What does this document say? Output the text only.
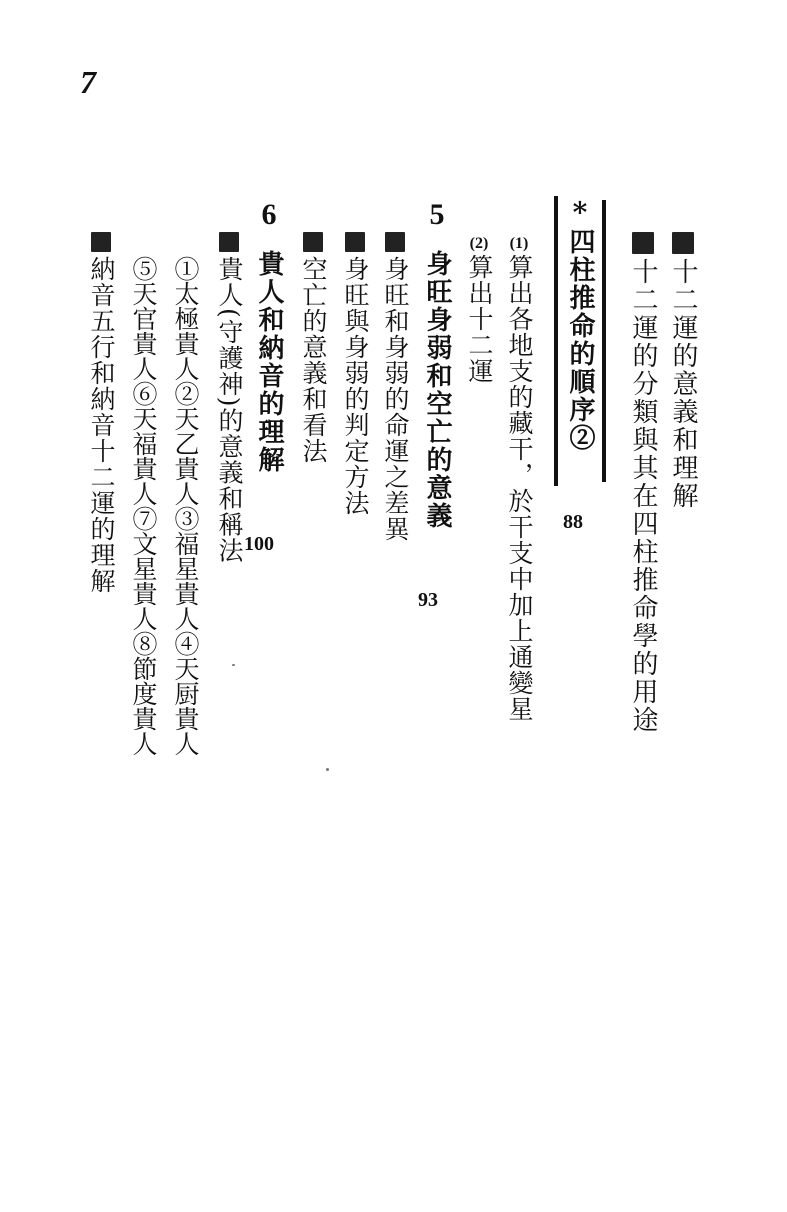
7
十二運的意義和理解
十二運的分類與其在四柱推命學的用途
*
四柱推命的順序②
88
(1)
算出各地支的藏干，於干支中加上通變星
(2)
算出十二運
5
身旺身弱和空亡的意義
93
身旺和身弱的命運之差異
身旺與身弱的判定方法
空亡的意義和看法
6
貴人和納音的理解
100
貴人(守護神)的意義和稱法
①太極貴人②天乙貴人③福星貴人④天厨貴人
⑤天官貴人⑥天福貴人⑦文星貴人⑧節度貴人
納音五行和納音十二運的理解
